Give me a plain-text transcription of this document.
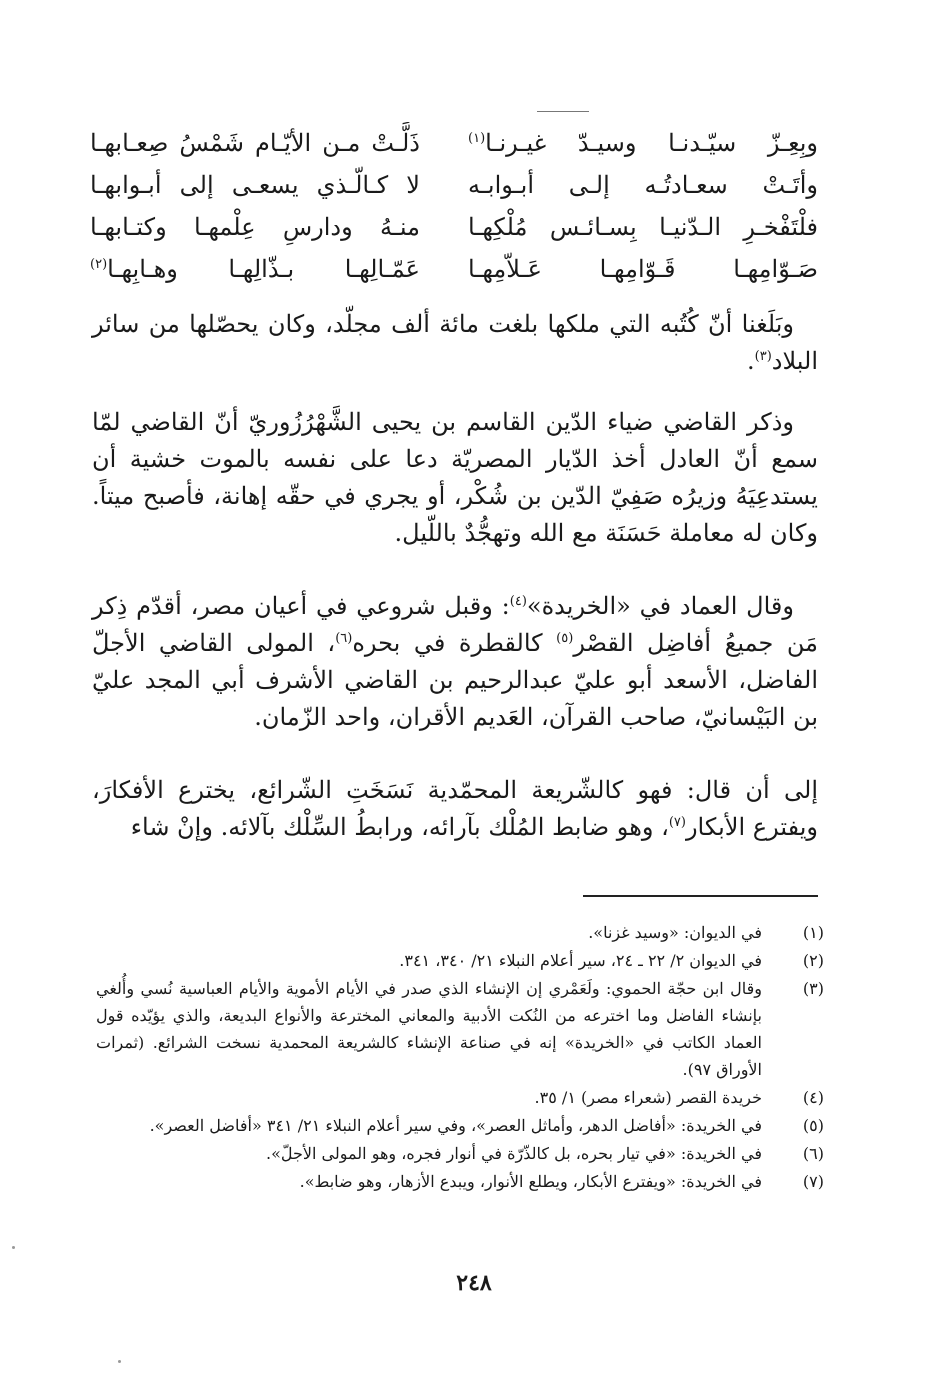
وبِعِـزّ سيّـدنـا وسيـدّ غيـرنـا$^{(١)}$
ذَلَّـتْ مـن الأيّـام شَمْسُ صِعـابهـا
وأتَـتْ سعـادتُـه إلـى أبـوابـه
لا كـالّـذي يسعـى إلى أبـوابهـا
فلْتَفْخـرِ الـدّنيـا بِسـائـس مُلْكِهـا
منـهُ ودارسِ عِلْمهـا وكتـابهـا
صَـوّامِهـا قَـوّامِهـا عَـلاّمِهـا
عَمّـالِهـا بـذّالِهـا وهـابِهـا$^{(٢)}$

وبَلَغنا أنّ كُتُبه التي ملكها بلغت مائة ألف مجلّد، وكان يحصّلها من سائر البلاد$^{(٣)}$.

وذكر القاضي ضياء الدّين القاسم بن يحيى الشَّهْرُزُوريّ أنّ القاضي لمّا سمع أنّ العادل أخذ الدّيار المصريّة دعا على نفسه بالموت خشية أن يستدعِيَهُ وزيرُه صَفِيّ الدّين بن شُكْر، أو يجري في حقّه إهانة، فأصبح ميتاً. وكان له معاملة حَسَنَة مع الله وتهجُّدٌ باللّيل.

وقال العماد في «الخريدة»$^{(٤)}$: وقبل شروعي في أعيان مصر، أقدّم ذِكر مَن جميعُ أفاضِل القصْر$^{(٥)}$ كالقطرة في بحره$^{(٦)}$، المولى القاضي الأجلّ الفاضل، الأسعد أبو عليّ عبدالرحيم بن القاضي الأشرف أبي المجد عليّ بن البَيْسانيّ، صاحب القرآن، العَديم الأقران، واحد الزّمان.

إلى أن قال: فهو كالشّريعة المحمّدية نَسَخَتِ الشّرائع، يخترع الأفكارَ، ويفترع الأبكار$^{(٧)}$، وهو ضابط المُلْك بآرائه، ورابطُ السِّلْك بآلائه. وإنْ شاء

(١)
في الديوان: «وسيد غزنا».
(٢)
في الديوان ٢/ ٢٢ ـ ٢٤، سير أعلام النبلاء ٢١/ ٣٤٠، ٣٤١.
(٣)
وقال ابن حجّة الحموي: ولَعَمْري إن الإنشاء الذي صدر في الأيام الأموية والأيام العباسية نُسي وأُلغي بإنشاء الفاضل وما اخترعه من النُكت الأدبية والمعاني المخترعة والأنواع البديعة، والذي يؤيّده قول العماد الكاتب في «الخريدة» إنه في صناعة الإنشاء كالشريعة المحمدية نسخت الشرائع. (ثمرات الأوراق ٩٧).
(٤)
خريدة القصر (شعراء مصر) ١/ ٣٥.
(٥)
في الخريدة: «أفاضل الدهر، وأماثل العصر»، وفي سير أعلام النبلاء ٢١/ ٣٤١ «أفاضل العصر».
(٦)
في الخريدة: «في تيار بحره، بل كالذّرّة في أنوار فجره، وهو المولى الأجلّ».
(٧)
في الخريدة: «ويفترع الأبكار، ويطلع الأنوار، ويبدع الأزهار، وهو ضابط».
٢٤٨
